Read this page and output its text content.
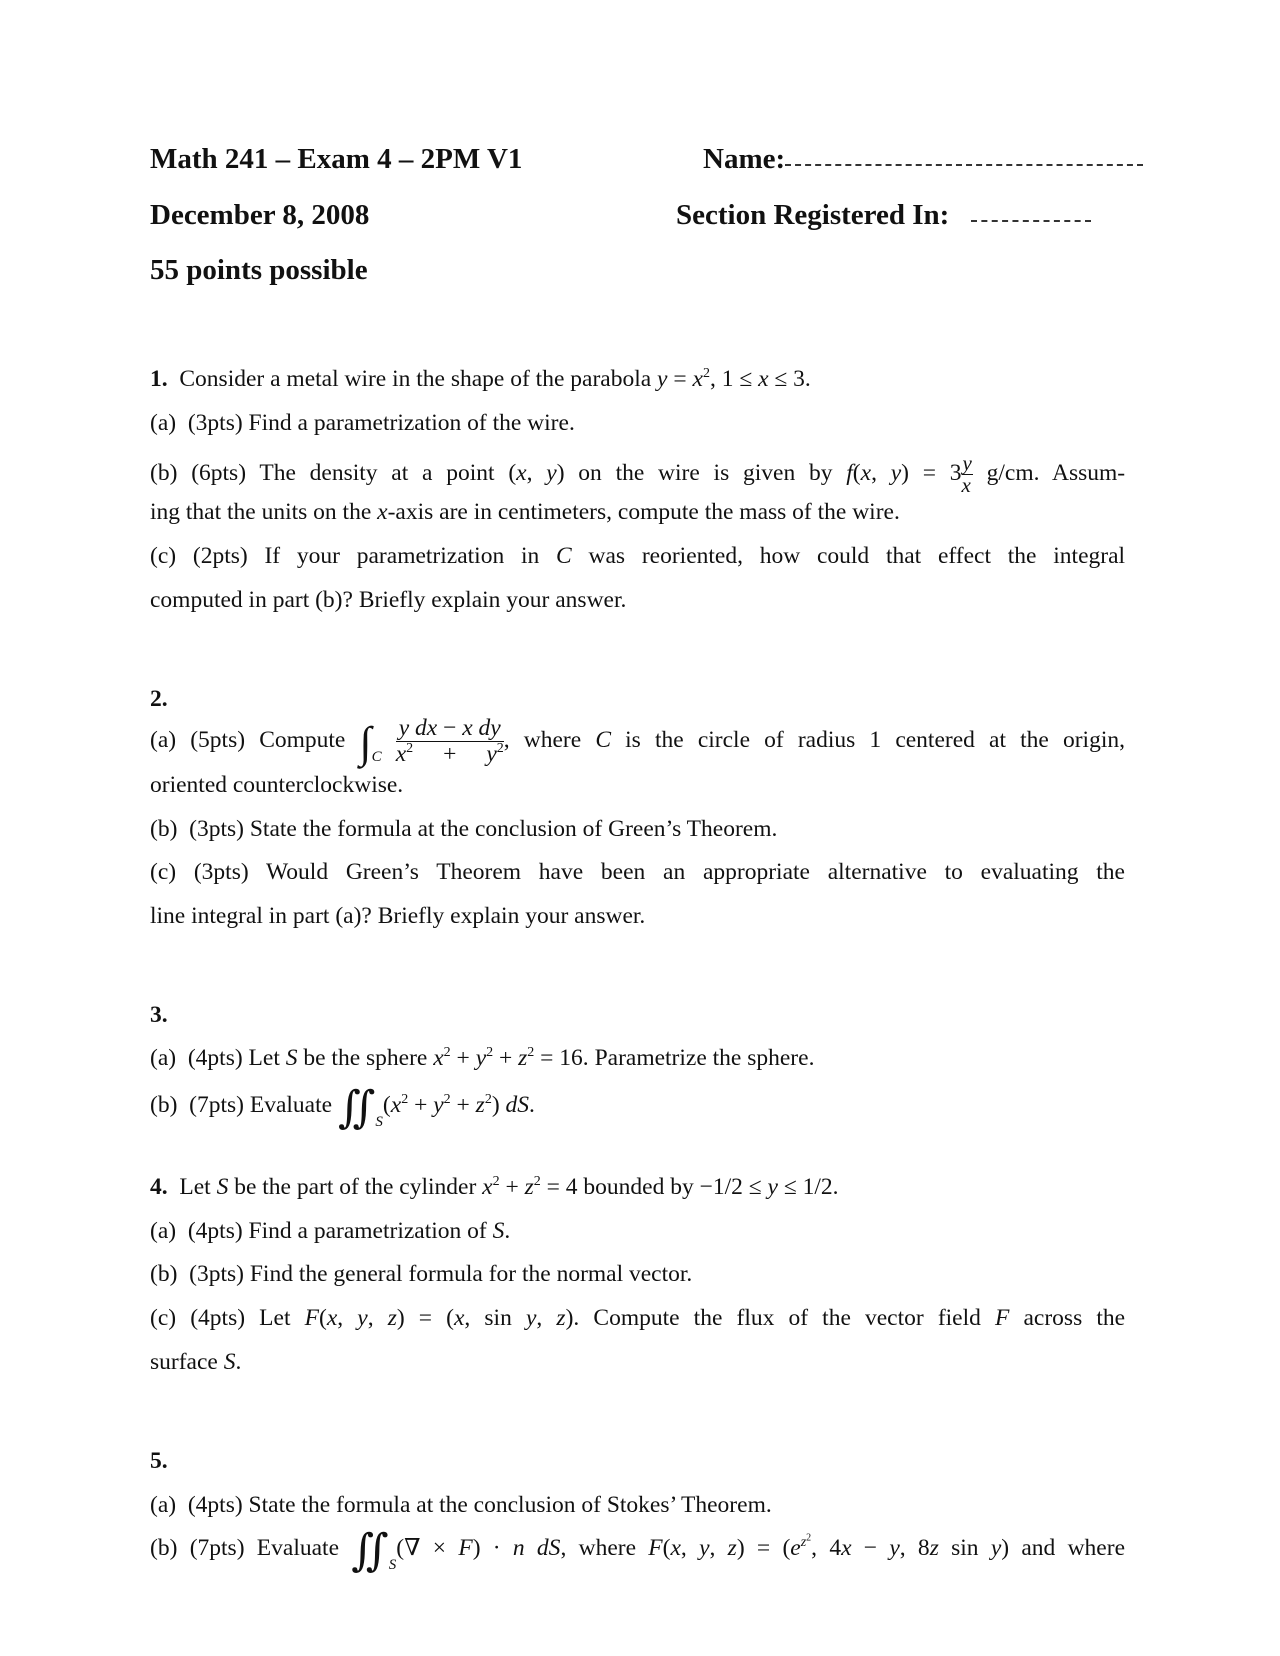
Math 241 – Exam 4 – 2PM V1	Name:
December 8, 2008	Section Registered In:
55 points possible
1. Consider a metal wire in the shape of the parabola $y = x^2$, 1 ≤ x ≤ 3.
(a) (3pts) Find a parametrization of the wire.
(b) (6pts) The density at a point (x, y) on the wire is given by f(x, $y) = 3 \frac{y}{x} g/cm$. Assum-
ing that the units on the x-axis are in centimeters, compute the mass of the wire.
(c) (2pts) If your parametrization in C was reoriented, how could that effect the integral
computed in part (b)? Briefly explain your answer.
2.
(a) (5pts) Compute $\int_C \frac{\text{y dx − x dy}}{x^2 + y^2}$ , where C is the circle of radius 1 centered at the origin,
oriented counterclockwise.
(b) (3pts) State the formula at the conclusion of Green’s Theorem.
(c) (3pts) Would Green’s Theorem have been an appropriate alternative to evaluating the
line integral in part (a)? Briefly explain your answer.
3.
(a) (4pts) Let S be the sphere $x^2 + y^2 + z^2 = 16$. Parametrize the sphere.
(b) (7pts) Evaluate $∬_S(x^2 + y^2 + z^2)$ dS.
4. Let S be the part of the cylinder $x^2 + z^2 = 4$ bounded by −1/2 ≤ y ≤ 1/2.
(a) (4pts) Find a parametrization of S.
(b) (3pts) Find the general formula for the normal vector.
(c) (4pts) Let F(x, y, z) = (x, sin y, z). Compute the flux of the vector field F across the
surface S.
5.
(a) (4pts) State the formula at the conclusion of Stokes’ Theorem.
(b) (7pts) Evaluate $∬_S(\nabla \times F) \cdot n$ dS, where F(x, y, $z) = (e^{z^2}$, 4x − y, 8z sin y) and where
